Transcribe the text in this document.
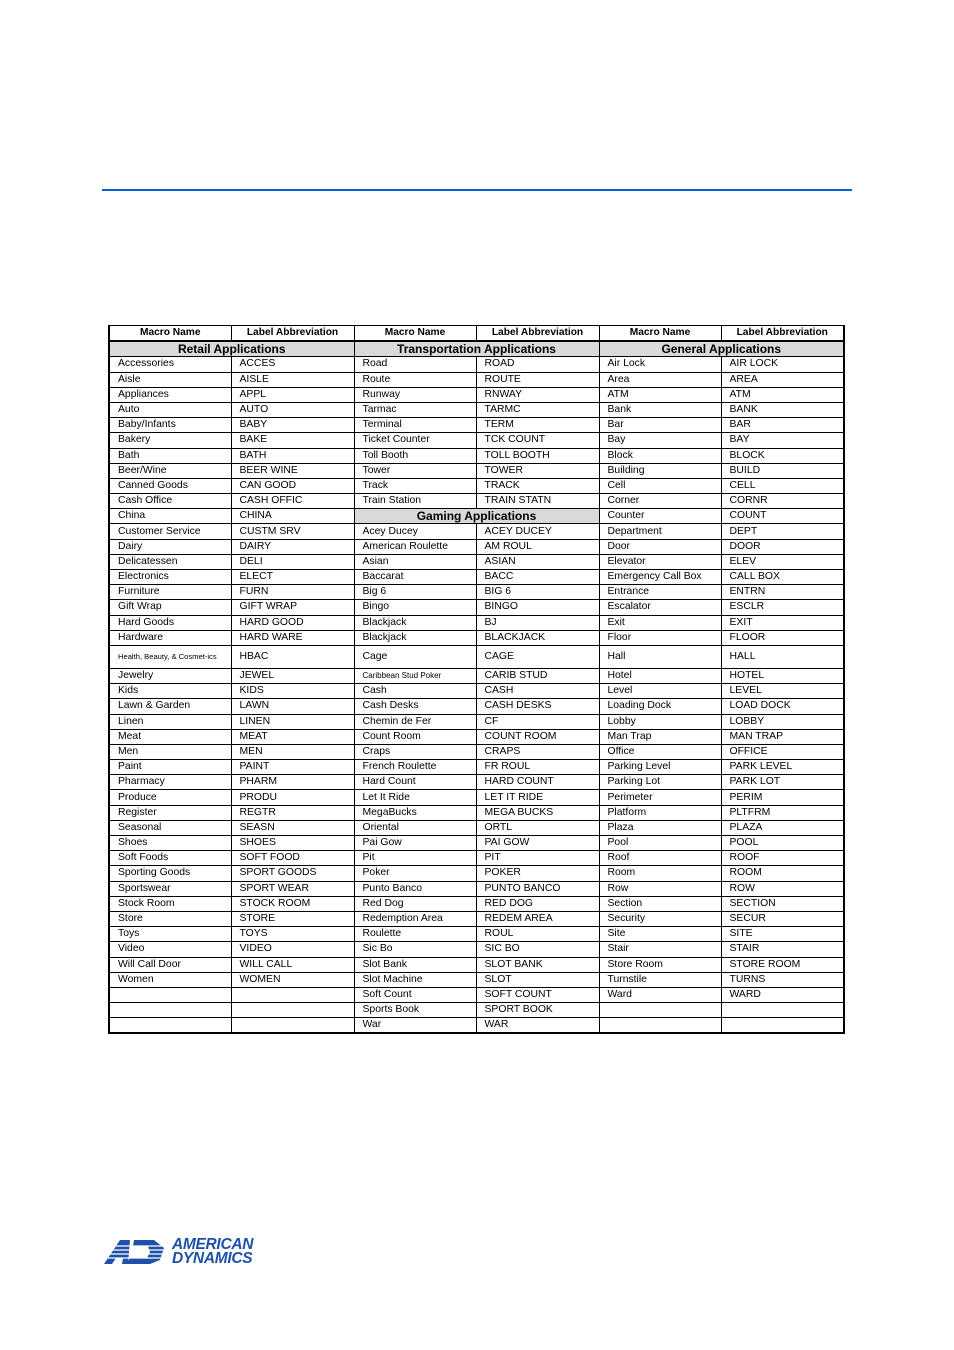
Macro Name	Label Abbreviation	Macro Name	Label Abbreviation	Macro Name	Label Abbreviation
Retail Applications		Transportation Applications		General Applications	
Accessories	ACCES	Road	ROAD	Air Lock	AIR LOCK
Aisle	AISLE	Route	ROUTE	Area	AREA
Appliances	APPL	Runway	RNWAY	ATM	ATM
Auto	AUTO	Tarmac	TARMC	Bank	BANK
Baby/Infants	BABY	Terminal	TERM	Bar	BAR
Bakery	BAKE	Ticket Counter	TCK COUNT	Bay	BAY
Bath	BATH	Toll Booth	TOLL BOOTH	Block	BLOCK
Beer/Wine	BEER WINE	Tower	TOWER	Building	BUILD
Canned Goods	CAN GOOD	Track	TRACK	Cell	CELL
Cash Office	CASH OFFIC	Train Station	TRAIN STATN	Corner	CORNR
China	CHINA	Gaming Applications		Counter	COUNT
Customer Service	CUSTM SRV	Acey Ducey	ACEY DUCEY	Department	DEPT
Dairy	DAIRY	American Roulette	AM ROUL	Door	DOOR
Delicatessen	DELI	Asian	ASIAN	Elevator	ELEV
Electronics	ELECT	Baccarat	BACC	Emergency Call Box	CALL BOX
Furniture	FURN	Big 6	BIG 6	Entrance	ENTRN
Gift Wrap	GIFT WRAP	Bingo	BINGO	Escalator	ESCLR
Hard Goods	HARD GOOD	Blackjack	BJ	Exit	EXIT
Hardware	HARD WARE	Blackjack	BLACKJACK	Floor	FLOOR
Health, Beauty, & Cosmet-ics	HBAC	Cage	CAGE	Hall	HALL
Jewelry	JEWEL	Caribbean Stud Poker	CARIB STUD	Hotel	HOTEL
Kids	KIDS	Cash	CASH	Level	LEVEL
Lawn & Garden	LAWN	Cash Desks	CASH DESKS	Loading Dock	LOAD DOCK
Linen	LINEN	Chemin de Fer	CF	Lobby	LOBBY
Meat	MEAT	Count Room	COUNT ROOM	Man Trap	MAN TRAP
Men	MEN	Craps	CRAPS	Office	OFFICE
Paint	PAINT	French Roulette	FR ROUL	Parking Level	PARK LEVEL
Pharmacy	PHARM	Hard Count	HARD COUNT	Parking Lot	PARK LOT
Produce	PRODU	Let It Ride	LET IT RIDE	Perimeter	PERIM
Register	REGTR	MegaBucks	MEGA BUCKS	Platform	PLTFRM
Seasonal	SEASN	Oriental	ORTL	Plaza	PLAZA
Shoes	SHOES	Pai Gow	PAI GOW	Pool	POOL
Soft Foods	SOFT FOOD	Pit	PIT	Roof	ROOF
Sporting Goods	SPORT GOODS	Poker	POKER	Room	ROOM
Sportswear	SPORT WEAR	Punto Banco	PUNTO BANCO	Row	ROW
Stock Room	STOCK ROOM	Red Dog	RED DOG	Section	SECTION
Store	STORE	Redemption Area	REDEM AREA	Security	SECUR
Toys	TOYS	Roulette	ROUL	Site	SITE
Video	VIDEO	Sic Bo	SIC BO	Stair	STAIR
Will Call Door	WILL CALL	Slot Bank	SLOT BANK	Store Room	STORE ROOM
Women	WOMEN	Slot Machine	SLOT	Turnstile	TURNS
		Soft Count	SOFT COUNT	Ward	WARD
		Sports Book	SPORT BOOK		
		War	WAR		
AMERICAN
DYNAMICS
